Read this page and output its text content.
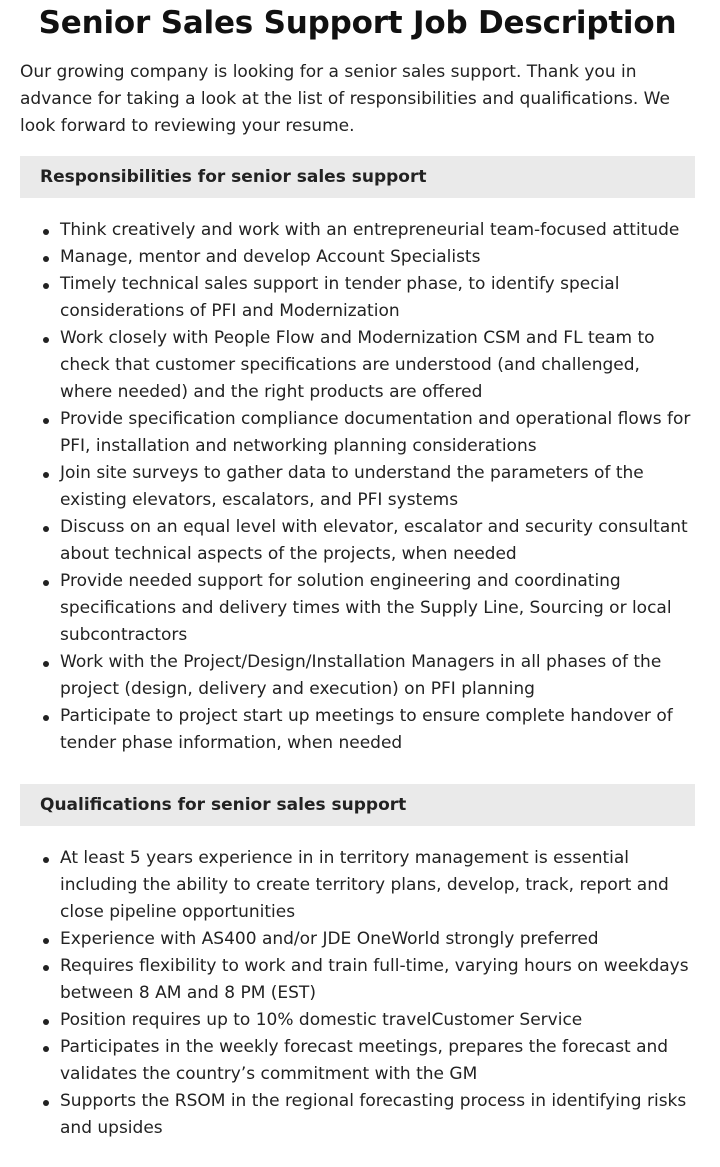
Senior Sales Support Job Description

Our growing company is looking for a senior sales support. Thank you in advance for taking a look at the list of responsibilities and qualifications. We look forward to reviewing your resume.

Responsibilities for senior sales support
Think creatively and work with an entrepreneurial team-focused attitude
Manage, mentor and develop Account Specialists
Timely technical sales support in tender phase, to identify special considerations of PFI and Modernization
Work closely with People Flow and Modernization CSM and FL team to check that customer specifications are understood (and challenged, where needed) and the right products are offered
Provide specification compliance documentation and operational flows for PFI, installation and networking planning considerations
Join site surveys to gather data to understand the parameters of the existing elevators, escalators, and PFI systems
Discuss on an equal level with elevator, escalator and security consultant about technical aspects of the projects, when needed
Provide needed support for solution engineering and coordinating specifications and delivery times with the Supply Line, Sourcing or local subcontractors
Work with the Project/Design/Installation Managers in all phases of the project (design, delivery and execution) on PFI planning
Participate to project start up meetings to ensure complete handover of tender phase information, when needed
Qualifications for senior sales support
At least 5 years experience in in territory management is essential including the ability to create territory plans, develop, track, report and close pipeline opportunities
Experience with AS400 and/or JDE OneWorld strongly preferred
Requires flexibility to work and train full-time, varying hours on weekdays between 8 AM and 8 PM (EST)
Position requires up to 10% domestic travelCustomer Service
Participates in the weekly forecast meetings, prepares the forecast and validates the country’s commitment with the GM
Supports the RSOM in the regional forecasting process in identifying risks and upsides
